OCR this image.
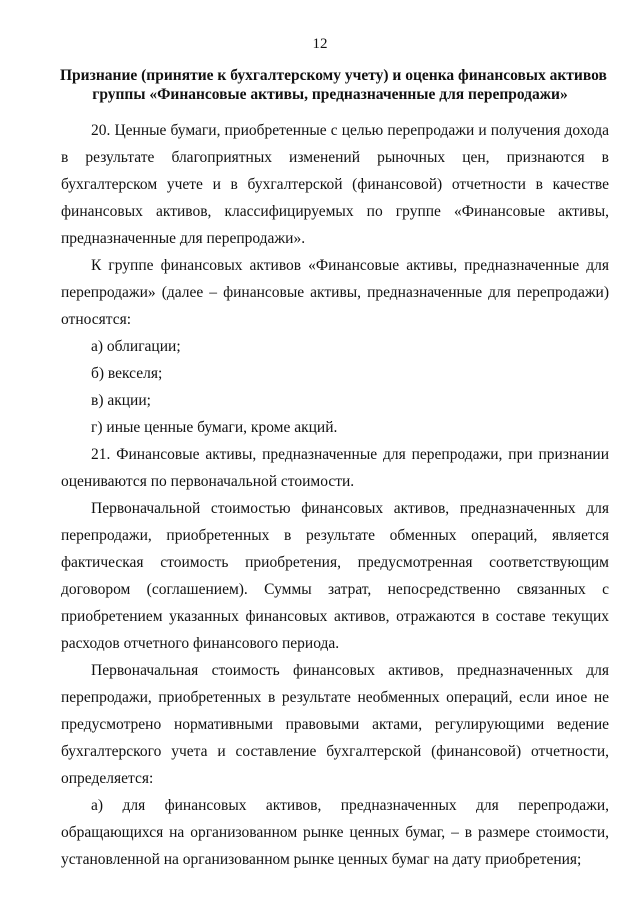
12
Признание (принятие к бухгалтерскому учету) и оценка финансовых активов
группы «Финансовые активы, предназначенные для перепродажи»

20. Ценные бумаги, приобретенные с целью перепродажи и получения дохода в результате благоприятных изменений рыночных цен, признаются в бухгалтерском учете и в бухгалтерской (финансовой) отчетности в качестве финансовых активов, классифицируемых по группе «Финансовые активы, предназначенные для перепродажи».

К группе финансовых активов «Финансовые активы, предназначенные для перепродажи» (далее – финансовые активы, предназначенные для перепродажи) относятся:

а) облигации;

б) векселя;

в) акции;

г) иные ценные бумаги, кроме акций.

21. Финансовые активы, предназначенные для перепродажи, при признании оцениваются по первоначальной стоимости.

Первоначальной стоимостью финансовых активов, предназначенных для перепродажи, приобретенных в результате обменных операций, является фактическая стоимость приобретения, предусмотренная соответствующим договором (соглашением). Суммы затрат, непосредственно связанных с приобретением указанных финансовых активов, отражаются в составе текущих расходов отчетного финансового периода.

Первоначальная стоимость финансовых активов, предназначенных для перепродажи, приобретенных в результате необменных операций, если иное не предусмотрено нормативными правовыми актами, регулирующими ведение бухгалтерского учета и составление бухгалтерской (финансовой) отчетности, определяется:

а) для финансовых активов, предназначенных для перепродажи, обращающихся на организованном рынке ценных бумаг, – в размере стоимости, установленной на организованном рынке ценных бумаг на дату приобретения;
